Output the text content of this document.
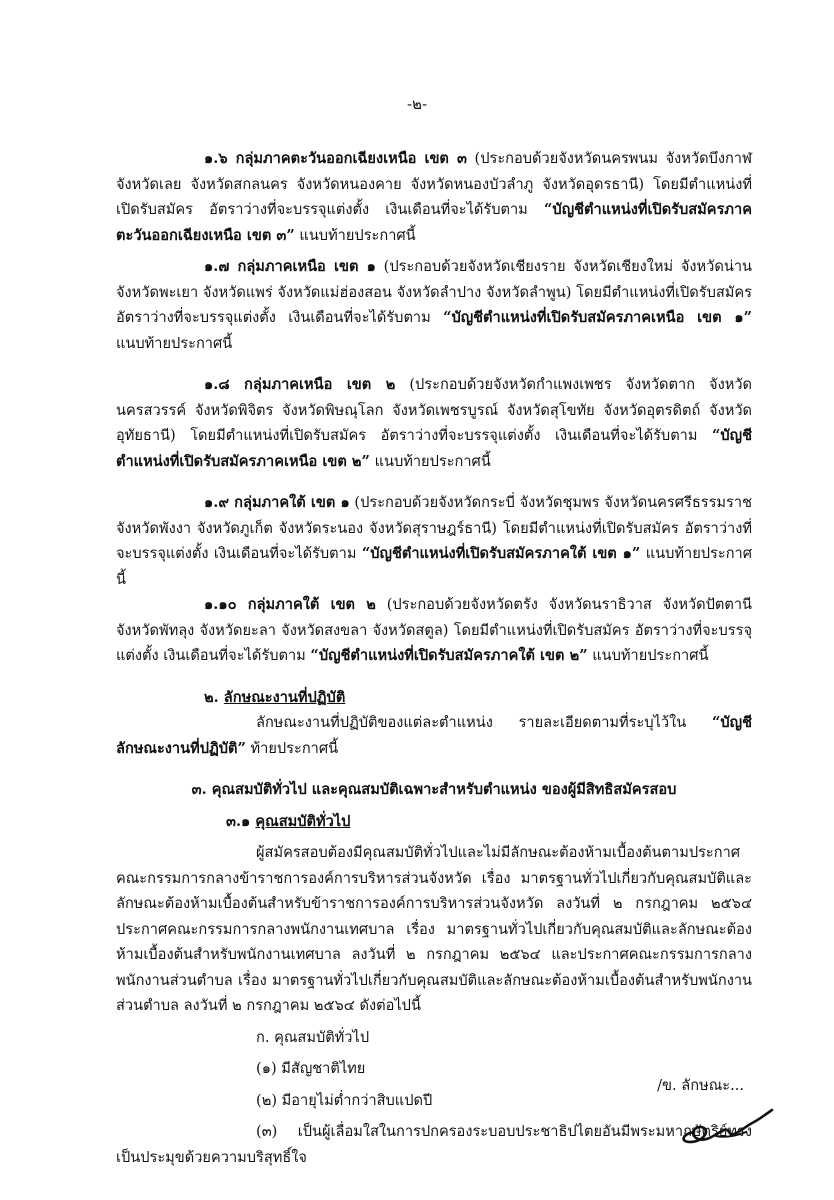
-๒-

๑.๖ กลุ่มภาคตะวันออกเฉียงเหนือ เขต ๓ (ประกอบด้วยจังหวัดนครพนม จังหวัดบึงกาฬ จังหวัดเลย จังหวัดสกลนคร จังหวัดหนองคาย จังหวัดหนองบัวลำภู จังหวัดอุดรธานี) โดยมีตำแหน่งที่เปิดรับสมัคร อัตราว่างที่จะบรรจุแต่งตั้ง เงินเดือนที่จะได้รับตาม “บัญชีตำแหน่งที่เปิดรับสมัครภาคตะวันออกเฉียงเหนือ เขต ๓” แนบท้ายประกาศนี้

๑.๗ กลุ่มภาคเหนือ เขต ๑ (ประกอบด้วยจังหวัดเชียงราย จังหวัดเชียงใหม่ จังหวัดน่าน จังหวัดพะเยา จังหวัดแพร่ จังหวัดแม่ฮ่องสอน จังหวัดลำปาง จังหวัดลำพูน) โดยมีตำแหน่งที่เปิดรับสมัคร อัตราว่างที่จะบรรจุแต่งตั้ง เงินเดือนที่จะได้รับตาม “บัญชีตำแหน่งที่เปิดรับสมัครภาคเหนือ เขต ๑” แนบท้ายประกาศนี้

๑.๘ กลุ่มภาคเหนือ เขต ๒ (ประกอบด้วยจังหวัดกำแพงเพชร จังหวัดตาก จังหวัดนครสวรรค์ จังหวัดพิจิตร จังหวัดพิษณุโลก จังหวัดเพชรบูรณ์ จังหวัดสุโขทัย จังหวัดอุตรดิตถ์ จังหวัดอุทัยธานี) โดยมีตำแหน่งที่เปิดรับสมัคร อัตราว่างที่จะบรรจุแต่งตั้ง เงินเดือนที่จะได้รับตาม “บัญชีตำแหน่งที่เปิดรับสมัครภาคเหนือ เขต ๒” แนบท้ายประกาศนี้

๑.๙ กลุ่มภาคใต้ เขต ๑ (ประกอบด้วยจังหวัดกระบี่ จังหวัดชุมพร จังหวัดนครศรีธรรมราช จังหวัดพังงา จังหวัดภูเก็ต จังหวัดระนอง จังหวัดสุราษฎร์ธานี) โดยมีตำแหน่งที่เปิดรับสมัคร อัตราว่างที่จะบรรจุแต่งตั้ง เงินเดือนที่จะได้รับตาม “บัญชีตำแหน่งที่เปิดรับสมัครภาคใต้ เขต ๑” แนบท้ายประกาศนี้

๑.๑๐ กลุ่มภาคใต้ เขต ๒ (ประกอบด้วยจังหวัดตรัง จังหวัดนราธิวาส จังหวัดปัตตานี จังหวัดพัทลุง จังหวัดยะลา จังหวัดสงขลา จังหวัดสตูล) โดยมีตำแหน่งที่เปิดรับสมัคร อัตราว่างที่จะบรรจุแต่งตั้ง เงินเดือนที่จะได้รับตาม “บัญชีตำแหน่งที่เปิดรับสมัครภาคใต้ เขต ๒” แนบท้ายประกาศนี้

๒. ลักษณะงานที่ปฏิบัติ

ลักษณะงานที่ปฏิบัติของแต่ละตำแหน่ง รายละเอียดตามที่ระบุไว้ใน “บัญชีลักษณะงานที่ปฏิบัติ” ท้ายประกาศนี้

๓. คุณสมบัติทั่วไป และคุณสมบัติเฉพาะสำหรับตำแหน่ง ของผู้มีสิทธิสมัครสอบ
๓.๑ คุณสมบัติทั่วไป

ผู้สมัครสอบต้องมีคุณสมบัติทั่วไปและไม่มีลักษณะต้องห้ามเบื้องต้นตามประกาศคณะกรรมการกลางข้าราชการองค์การบริหารส่วนจังหวัด เรื่อง มาตรฐานทั่วไปเกี่ยวกับคุณสมบัติและลักษณะต้องห้ามเบื้องต้นสำหรับข้าราชการองค์การบริหารส่วนจังหวัด ลงวันที่ ๒ กรกฎาคม ๒๕๖๔ ประกาศคณะกรรมการกลางพนักงานเทศบาล เรื่อง มาตรฐานทั่วไปเกี่ยวกับคุณสมบัติและลักษณะต้องห้ามเบื้องต้นสำหรับพนักงานเทศบาล ลงวันที่ ๒ กรกฎาคม ๒๕๖๔ และประกาศคณะกรรมการกลางพนักงานส่วนตำบล เรื่อง มาตรฐานทั่วไปเกี่ยวกับคุณสมบัติและลักษณะต้องห้ามเบื้องต้นสำหรับพนักงานส่วนตำบล ลงวันที่ ๒ กรกฎาคม ๒๕๖๔ ดังต่อไปนี้

ก. คุณสมบัติทั่วไป
(๑) มีสัญชาติไทย
(๒) มีอายุไม่ต่ำกว่าสิบแปดปี

(๓) เป็นผู้เลื่อมใสในการปกครองระบอบประชาธิปไตยอันมีพระมหากษัตริย์ทรงเป็นประมุขด้วยความบริสุทธิ์ใจ

/ข. ลักษณะ...
